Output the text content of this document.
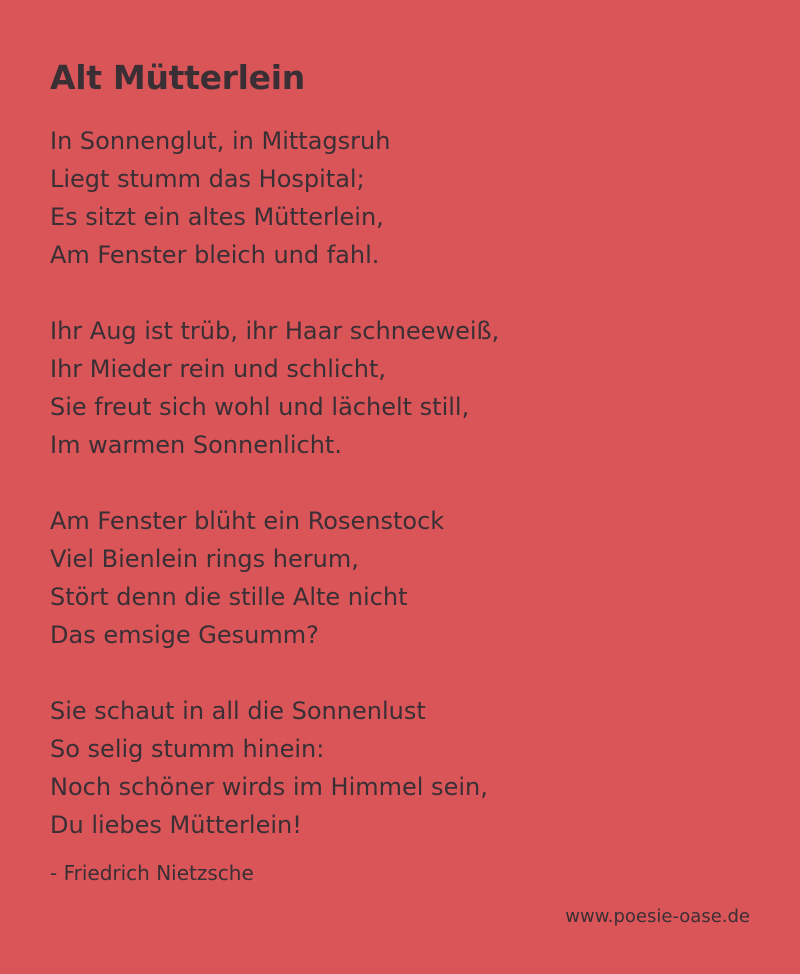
Alt Mütterlein
In Sonnenglut, in Mittagsruh
Liegt stumm das Hospital;
Es sitzt ein altes Mütterlein,
Am Fenster bleich und fahl.
Ihr Aug￼ ist trüb, ihr Haar schneeweiß,
Ihr Mieder rein und schlicht,
Sie freut sich wohl und lächelt still,
Im warmen Sonnenlicht.
Am Fenster blüht ein Rosenstock
Viel Bienlein rings herum,
Stört denn die stille Alte nicht
Das emsige Gesumm?
Sie schaut in all￼ die Sonnenlust
So selig stumm hinein:
Noch schöner wird￼s im Himmel sein,
Du liebes Mütterlein!

- Friedrich Nietzsche

www.poesie-oase.de
